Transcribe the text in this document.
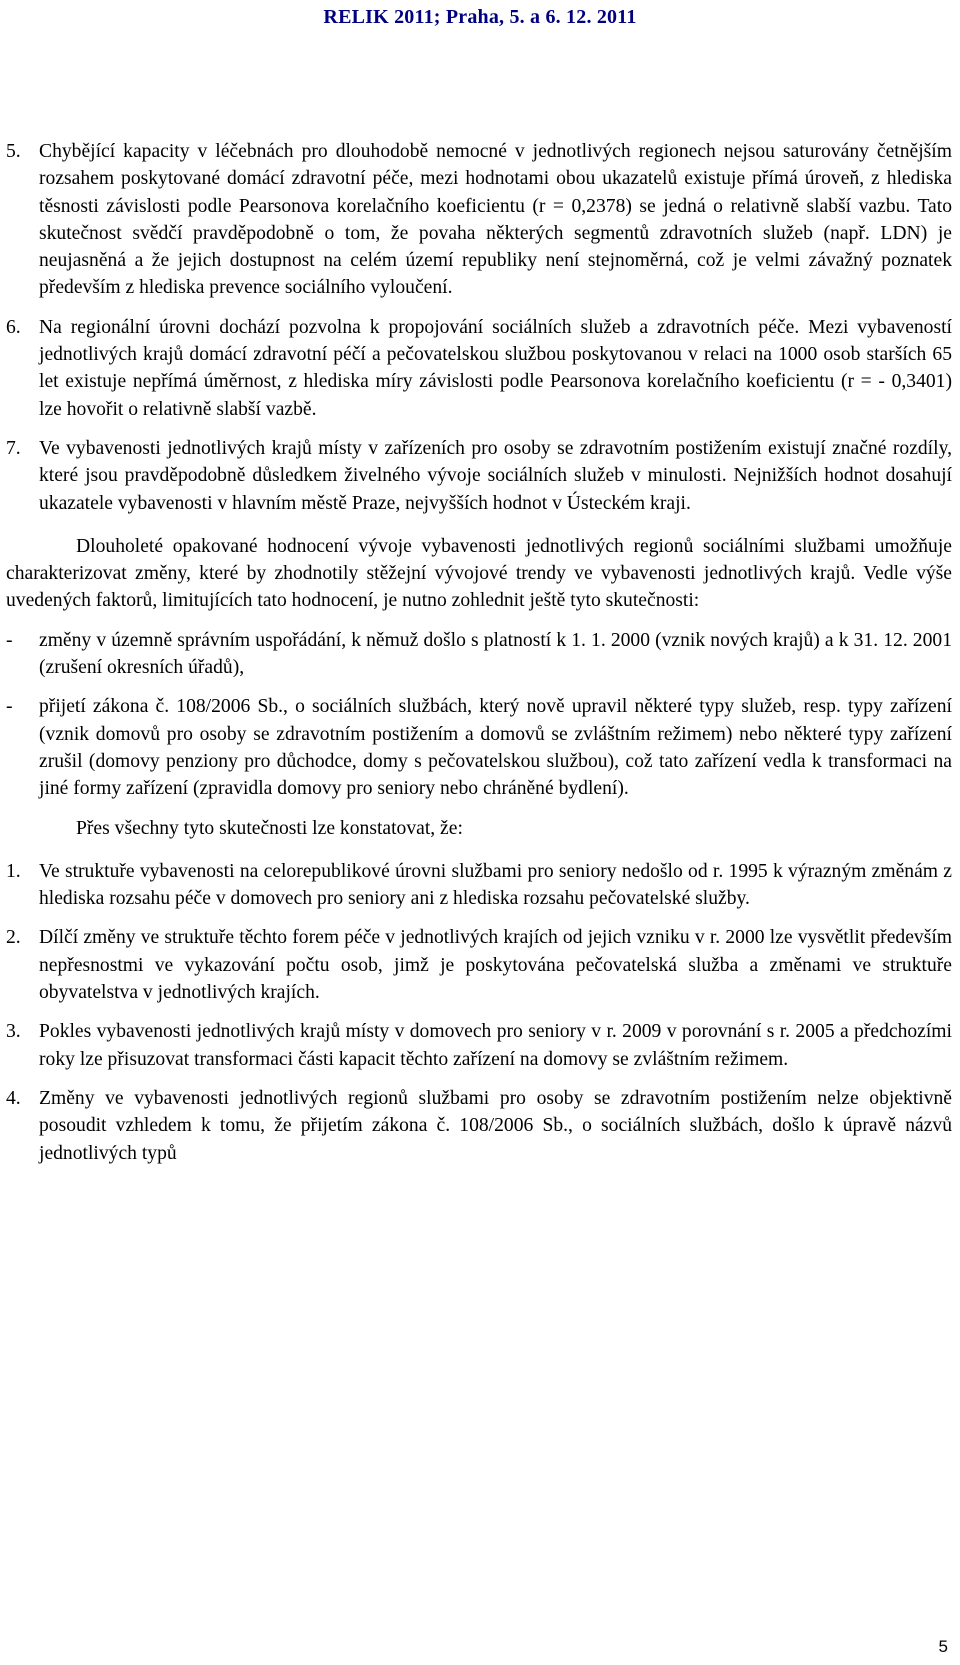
RELIK 2011; Praha, 5. a 6. 12. 2011
5. Chybějící kapacity v léčebnách pro dlouhodobě nemocné v jednotlivých regionech nejsou saturovány četnějším rozsahem poskytované domácí zdravotní péče, mezi hodnotami obou ukazatelů existuje přímá úroveň, z hlediska těsnosti závislosti podle Pearsonova korelačního koeficientu (r = 0,2378) se jedná o relativně slabší vazbu. Tato skutečnost svědčí pravděpodobně o tom, že povaha některých segmentů zdravotních služeb (např. LDN) je neujasněná a že jejich dostupnost na celém území republiky není stejnoměrná, což je velmi závažný poznatek především z hlediska prevence sociálního vyloučení.
6. Na regionální úrovni dochází pozvolna k propojování sociálních služeb a zdravotních péče. Mezi vybaveností jednotlivých krajů domácí zdravotní péčí a pečovatelskou službou poskytovanou v relaci na 1000 osob starších 65 let existuje nepřímá úměrnost, z hlediska míry závislosti podle Pearsonova korelačního koeficientu (r = - 0,3401) lze hovořit o relativně slabší vazbě.
7. Ve vybavenosti jednotlivých krajů místy v zařízeních pro osoby se zdravotním postižením existují značné rozdíly, které jsou pravděpodobně důsledkem živelného vývoje sociálních služeb v minulosti. Nejnižších hodnot dosahují ukazatele vybavenosti v hlavním městě Praze, nejvyšších hodnot v Ústeckém kraji.
Dlouholeté opakované hodnocení vývoje vybavenosti jednotlivých regionů sociálními službami umožňuje charakterizovat změny, které by zhodnotily stěžejní vývojové trendy ve vybavenosti jednotlivých krajů. Vedle výše uvedených faktorů, limitujících tato hodnocení, je nutno zohlednit ještě tyto skutečnosti:
- změny v územně správním uspořádání, k němuž došlo s platností k 1. 1. 2000 (vznik nových krajů) a k 31. 12. 2001 (zrušení okresních úřadů),
- přijetí zákona č. 108/2006 Sb., o sociálních službách, který nově upravil některé typy služeb, resp. typy zařízení (vznik domovů pro osoby se zdravotním postižením a domovů se zvláštním režimem) nebo některé typy zařízení zrušil (domovy penziony pro důchodce, domy s pečovatelskou službou), což tato zařízení vedla k transformaci na jiné formy zařízení (zpravidla domovy pro seniory nebo chráněné bydlení).
Přes všechny tyto skutečnosti lze konstatovat, že:
1. Ve struktuře vybavenosti na celorepublikové úrovni službami pro seniory nedošlo od r. 1995 k výrazným změnám z hlediska rozsahu péče v domovech pro seniory ani z hlediska rozsahu pečovatelské služby.
2. Dílčí změny ve struktuře těchto forem péče v jednotlivých krajích od jejich vzniku v r. 2000 lze vysvětlit především nepřesnostmi ve vykazování počtu osob, jimž je poskytována pečovatelská služba a změnami ve struktuře obyvatelstva v jednotlivých krajích.
3. Pokles vybavenosti jednotlivých krajů místy v domovech pro seniory v r. 2009 v porovnání s r. 2005 a předchozími roky lze přisuzovat transformaci části kapacit těchto zařízení na domovy se zvláštním režimem.
4. Změny ve vybavenosti jednotlivých regionů službami pro osoby se zdravotním postižením nelze objektivně posoudit vzhledem k tomu, že přijetím zákona č. 108/2006 Sb., o sociálních službách, došlo k úpravě názvů jednotlivých typů
5
